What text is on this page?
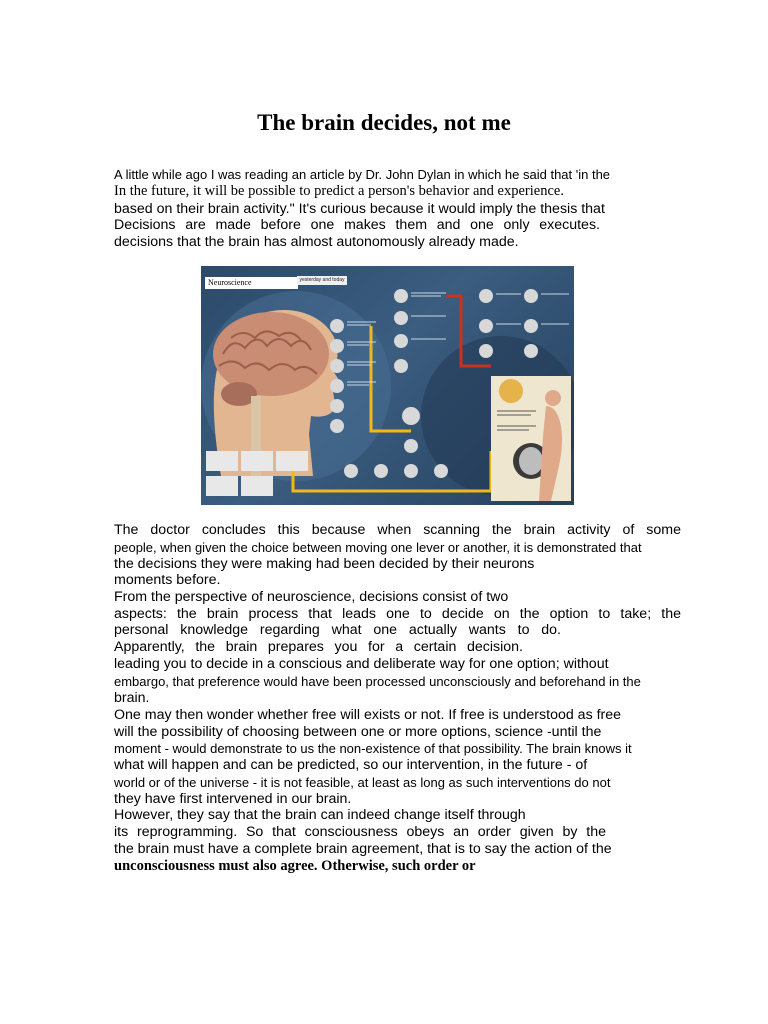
The brain decides, not me

A little while ago I was reading an article by Dr. John Dylan in which he said that 'in the

In the future, it will be possible to predict a person's behavior and experience.

based on their brain activity." It's curious because it would imply the thesis that

Decisions are made before one makes them and one only executes.

decisions that the brain has almost autonomously already made.

Neuroscience	yesterday and today

The doctor concludes this because when scanning the brain activity of some

people, when given the choice between moving one lever or another, it is demonstrated that

the decisions they were making had been decided by their neurons

moments before.

From the perspective of neuroscience, decisions consist of two

aspects: the brain process that leads one to decide on the option to take; the

personal knowledge regarding what one actually wants to do.

Apparently, the brain prepares you for a certain decision.

leading you to decide in a conscious and deliberate way for one option; without

embargo, that preference would have been processed unconsciously and beforehand in the

brain.

One may then wonder whether free will exists or not. If free is understood as free

will the possibility of choosing between one or more options, science -until the

moment - would demonstrate to us the non-existence of that possibility. The brain knows it

what will happen and can be predicted, so our intervention, in the future - of

world or of the universe - it is not feasible, at least as long as such interventions do not

they have first intervened in our brain.

However, they say that the brain can indeed change itself through

its reprogramming. So that consciousness obeys an order given by the

the brain must have a complete brain agreement, that is to say the action of the

unconsciousness must also agree. Otherwise, such order or
